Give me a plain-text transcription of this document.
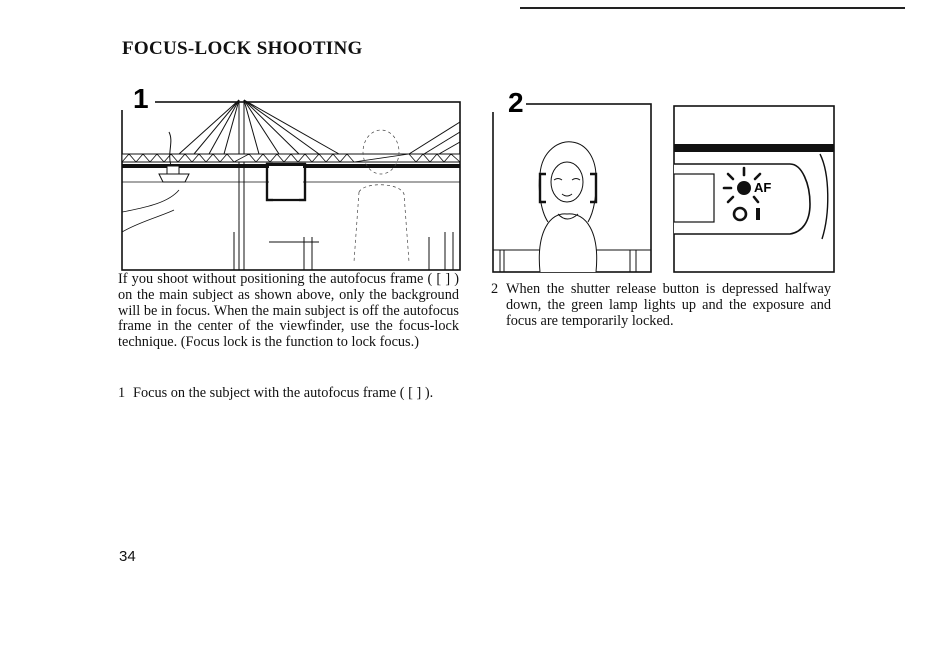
FOCUS-LOCK SHOOTING
1	2
AF
If you shoot without positioning the autofocus frame ( [ ] ) on the main subject as shown above, only the background will be in focus. When the main subject is off the autofocus frame in the center of the viewfinder, use the focus-lock technique. (Focus lock is the function to lock focus.)
1 Focus on the subject with the autofocus frame ( [ ] ).
2 When the shutter release button is depressed halfway down, the green lamp lights up and the exposure and focus are temporarily locked.
34
